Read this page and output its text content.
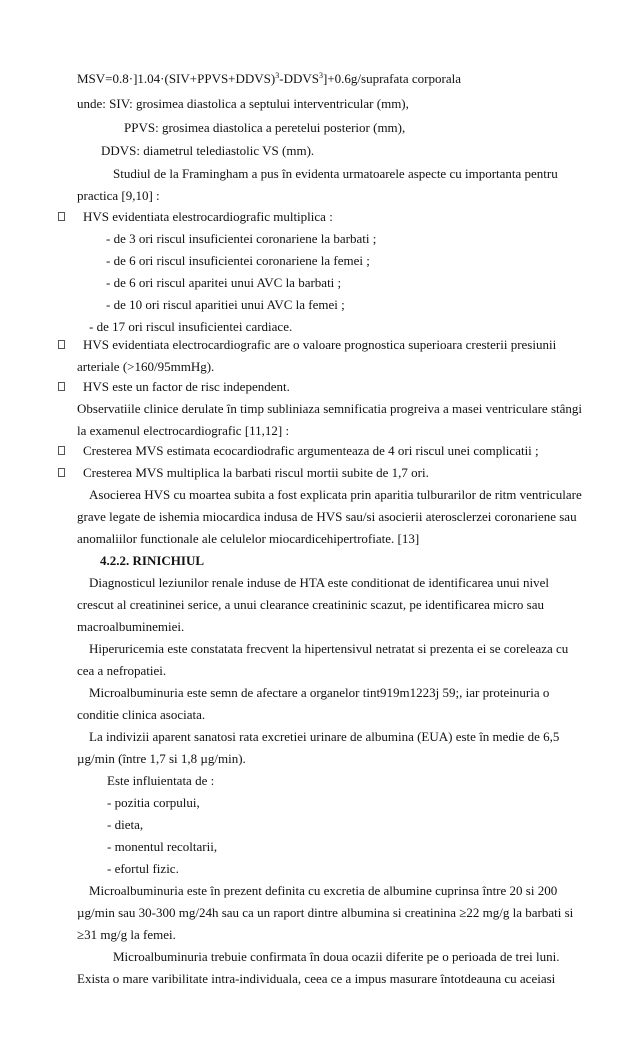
$MSV=0.8\cdot]1.04\cdot(SIV+PPVS+DDVS)^3-DDVS^3]+0.6g$/suprafata corporala
unde: SIV: grosimea diastolica a septului interventricular (mm),
PPVS: grosimea diastolica a peretelui posterior (mm),
DDVS: diametrul telediastolic VS (mm).
Studiul de la Framingham a pus în evidenta urmatoarele aspecte cu importanta pentru
practica [9,10] :
HVS evidentiata elestrocardiografic multiplica :
- de 3 ori riscul insuficientei coronariene la barbati ;
- de 6 ori riscul insuficientei coronariene la femei ;
- de 6 ori riscul aparitei unui AVC la barbati ;
- de 10 ori riscul aparitiei unui AVC la femei ;
- de 17 ori riscul insuficientei cardiace.
HVS evidentiata electrocardiografic are o valoare prognostica superioara cresterii presiunii
arteriale (>160/95mmHg).
HVS este un factor de risc independent.
Observatiile clinice derulate în timp subliniaza semnificatia progreiva a masei ventriculare stângi
la examenul electrocardiografic [11,12] :
Cresterea MVS estimata ecocardiodrafic argumenteaza de 4 ori riscul unei complicatii ;
Cresterea MVS multiplica la barbati riscul mortii subite de 1,7 ori.
Asocierea HVS cu moartea subita a fost explicata prin aparitia tulburarilor de ritm ventriculare
grave legate de ishemia miocardica indusa de HVS sau/si asocierii aterosclerzei coronariene sau
anomaliilor functionale ale celulelor miocardicehipertrofiate. [13]
4.2.2. RINICHIUL
Diagnosticul leziunilor renale induse de HTA este conditionat de identificarea unui nivel
crescut al creatininei serice, a unui clearance creatininic scazut, pe identificarea micro sau
macroalbuminemiei.
Hiperuricemia este constatata frecvent la hipertensivul netratat si prezenta ei se coreleaza cu
cea a nefropatiei.
Microalbuminuria este semn de afectare a organelor tint919m1223j 59;, iar proteinuria o
conditie clinica asociata.
La indivizii aparent sanatosi rata excretiei urinare de albumina (EUA) este în medie de 6,5
µg/min (între 1,7 si 1,8 µg/min).
Este influientata de :
- pozitia corpului,
- dieta,
- monentul recoltarii,
- efortul fizic.
Microalbuminuria este în prezent definita cu excretia de albumine cuprinsa între 20 si 200
µg/min sau 30-300 mg/24h sau ca un raport dintre albumina si creatinina ≥22 mg/g la barbati si
≥31 mg/g la femei.
Microalbuminuria trebuie confirmata în doua ocazii diferite pe o perioada de trei luni.
Exista o mare varibilitate intra-individuala, ceea ce a impus masurare întotdeauna cu aceiasi
